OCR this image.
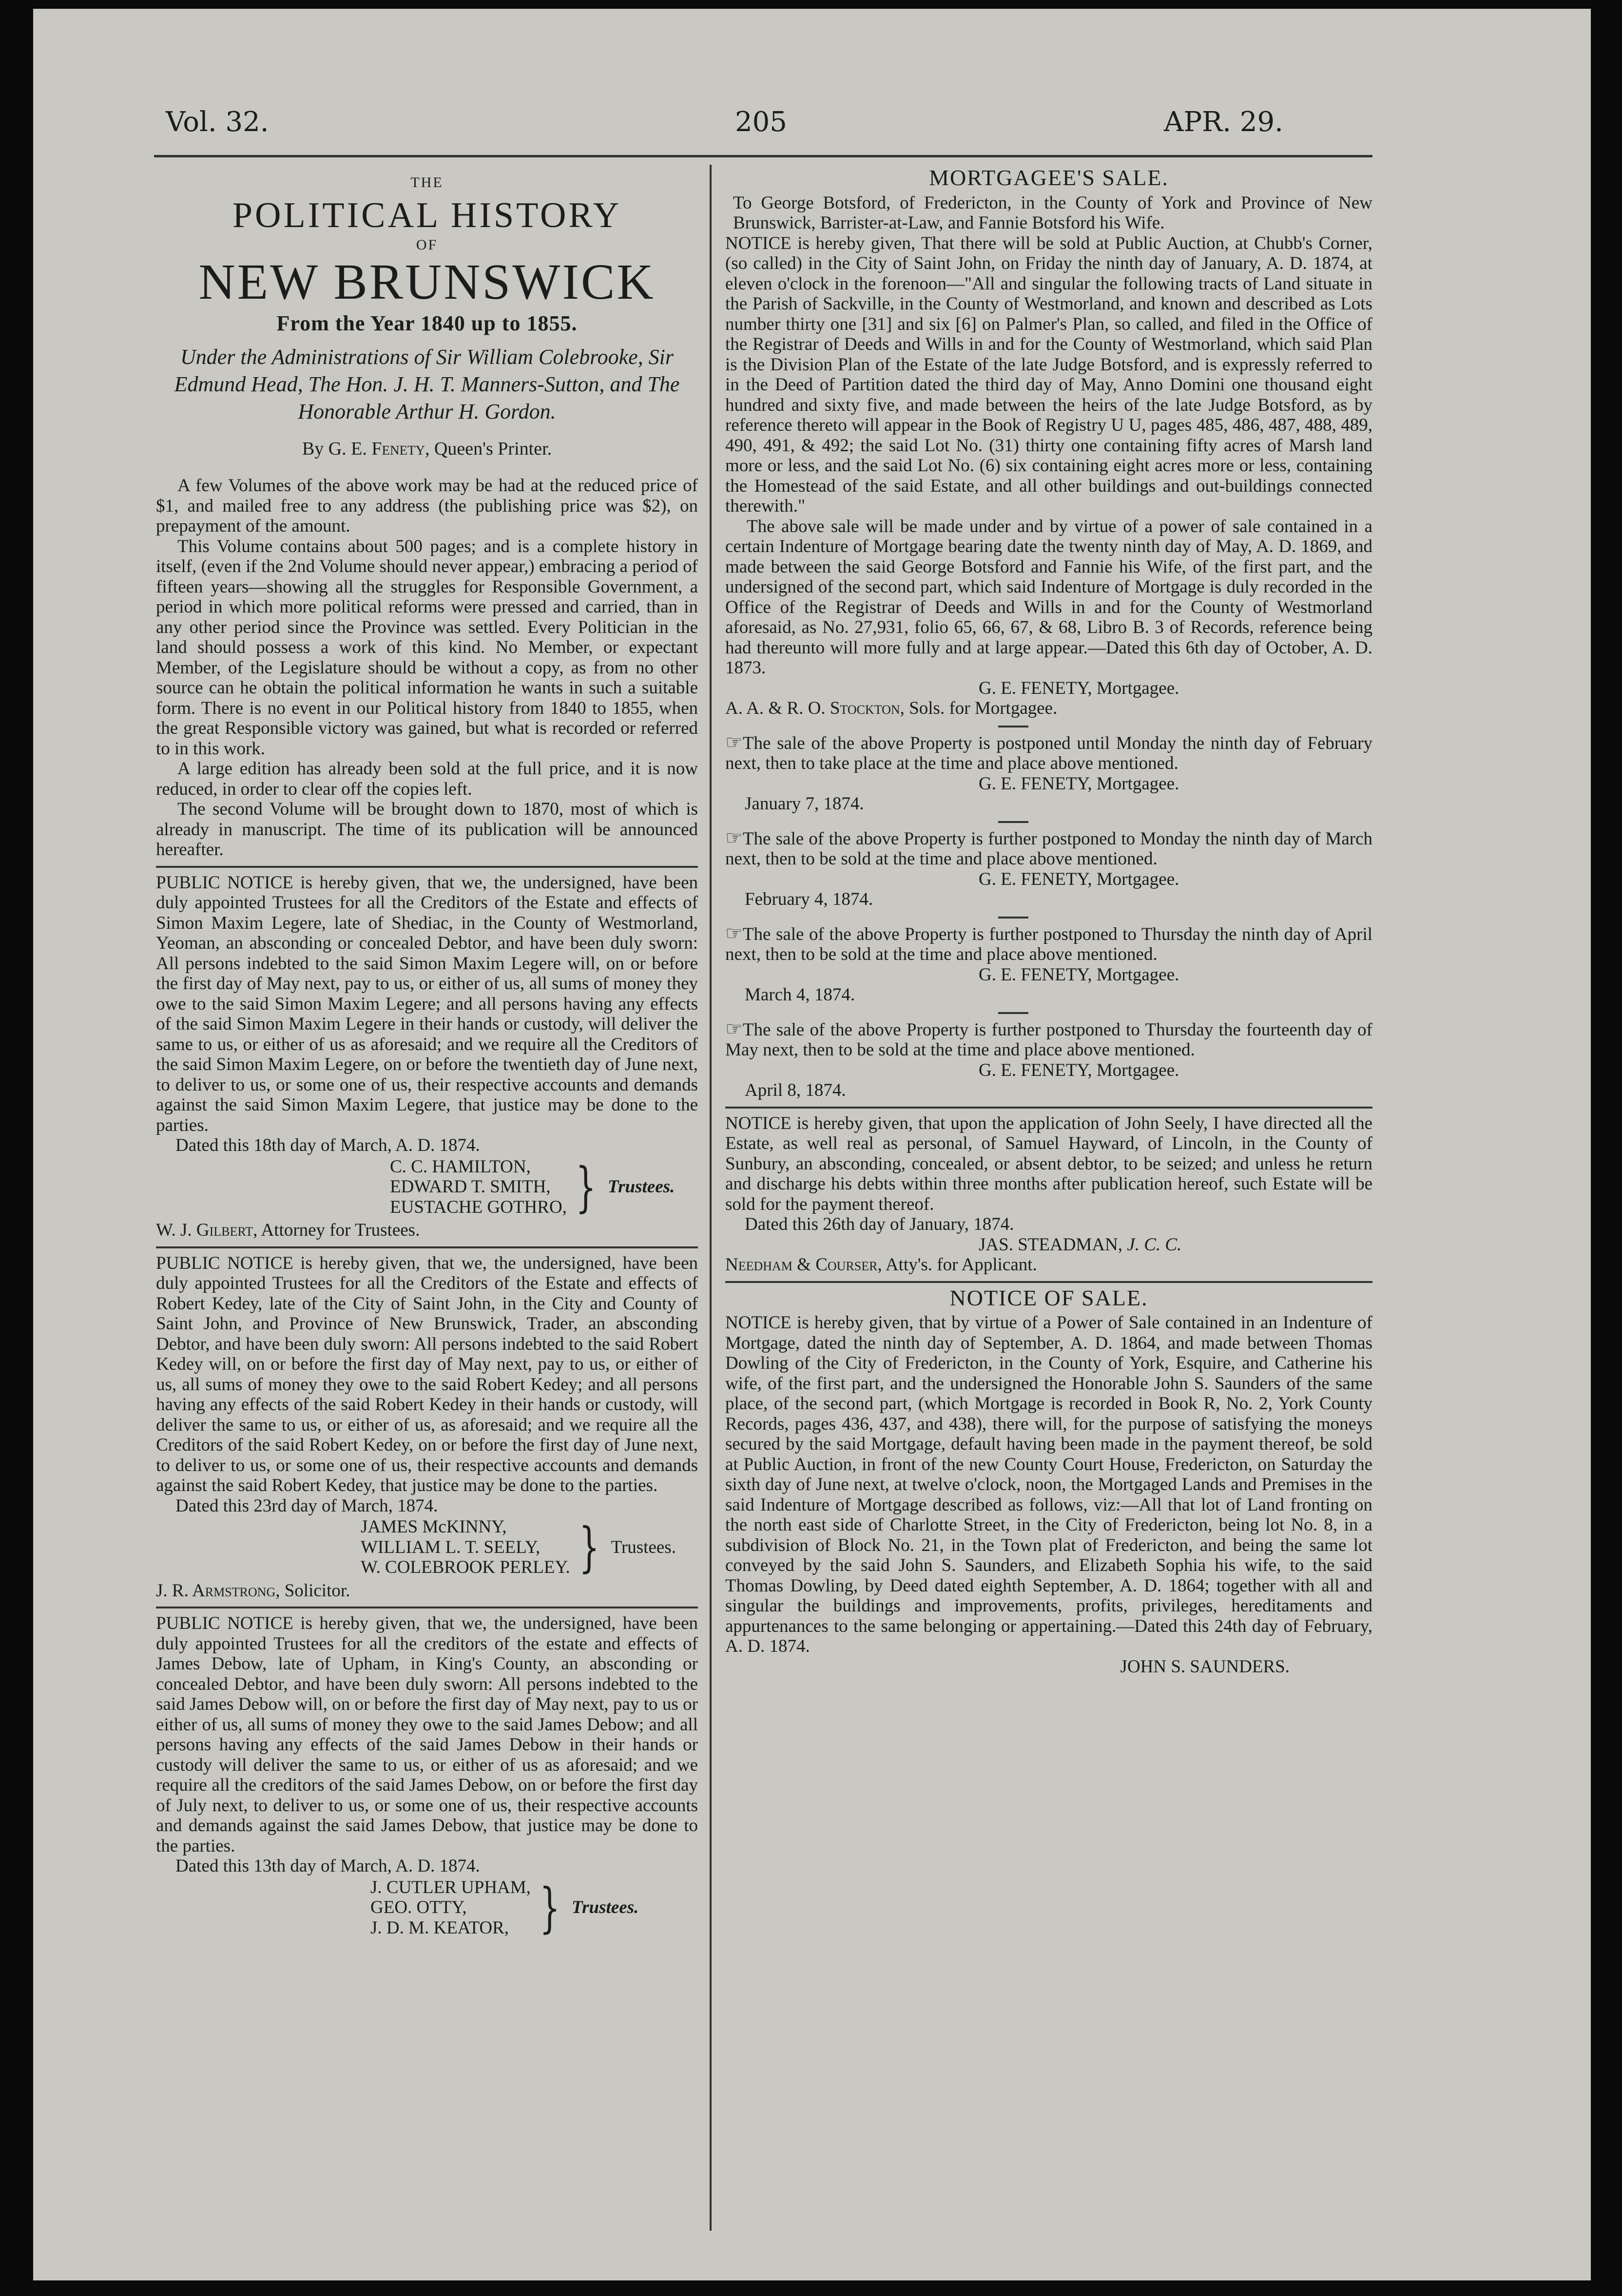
Vol. 32.	205	APR. 29.
THE
POLITICAL HISTORY
OF
NEW BRUNSWICK
From the Year 1840 up to 1855.
Under the Administrations of Sir William Colebrooke, Sir Edmund Head, The Hon. J. H. T. Manners-Sutton, and The Honorable Arthur H. Gordon.
By G. E. Fenety, Queen's Printer.

A few Volumes of the above work may be had at the reduced price of $1, and mailed free to any address (the publishing price was $2), on prepayment of the amount.

This Volume contains about 500 pages; and is a complete history in itself, (even if the 2nd Volume should never appear,) embracing a period of fifteen years—showing all the struggles for Responsible Government, a period in which more political reforms were pressed and carried, than in any other period since the Province was settled. Every Politician in the land should possess a work of this kind. No Member, or expectant Member, of the Legislature should be without a copy, as from no other source can he obtain the political information he wants in such a suitable form. There is no event in our Political history from 1840 to 1855, when the great Responsible victory was gained, but what is recorded or referred to in this work.

A large edition has already been sold at the full price, and it is now reduced, in order to clear off the copies left.

The second Volume will be brought down to 1870, most of which is already in manuscript. The time of its publication will be announced hereafter.

PUBLIC NOTICE is hereby given, that we, the undersigned, have been duly appointed Trustees for all the Creditors of the Estate and effects of Simon Maxim Legere, late of Shediac, in the County of Westmorland, Yeoman, an absconding or concealed Debtor, and have been duly sworn: All persons indebted to the said Simon Maxim Legere will, on or before the first day of May next, pay to us, or either of us, all sums of money they owe to the said Simon Maxim Legere; and all persons having any effects of the said Simon Maxim Legere in their hands or custody, will deliver the same to us, or either of us as aforesaid; and we require all the Creditors of the said Simon Maxim Legere, on or before the twentieth day of June next, to deliver to us, or some one of us, their respective accounts and demands against the said Simon Maxim Legere, that justice may be done to the parties.

Dated this 18th day of March, A. D. 1874.

C. C. HAMILTON,
EDWARD T. SMITH,
EUSTACHE GOTHRO, } Trustees.

W. J. Gilbert, Attorney for Trustees.

PUBLIC NOTICE is hereby given, that we, the undersigned, have been duly appointed Trustees for all the Creditors of the Estate and effects of Robert Kedey, late of the City of Saint John, in the City and County of Saint John, and Province of New Brunswick, Trader, an absconding Debtor, and have been duly sworn: All persons indebted to the said Robert Kedey will, on or before the first day of May next, pay to us, or either of us, all sums of money they owe to the said Robert Kedey; and all persons having any effects of the said Robert Kedey in their hands or custody, will deliver the same to us, or either of us, as aforesaid; and we require all the Creditors of the said Robert Kedey, on or before the first day of June next, to deliver to us, or some one of us, their respective accounts and demands against the said Robert Kedey, that justice may be done to the parties.

Dated this 23rd day of March, 1874.

JAMES McKINNY,
WILLIAM L. T. SEELY,
W. COLEBROOK PERLEY. } Trustees.

J. R. Armstrong, Solicitor.

PUBLIC NOTICE is hereby given, that we, the undersigned, have been duly appointed Trustees for all the creditors of the estate and effects of James Debow, late of Upham, in King's County, an absconding or concealed Debtor, and have been duly sworn: All persons indebted to the said James Debow will, on or before the first day of May next, pay to us or either of us, all sums of money they owe to the said James Debow; and all persons having any effects of the said James Debow in their hands or custody will deliver the same to us, or either of us as aforesaid; and we require all the creditors of the said James Debow, on or before the first day of July next, to deliver to us, or some one of us, their respective accounts and demands against the said James Debow, that justice may be done to the parties.

Dated this 13th day of March, A. D. 1874.

J. CUTLER UPHAM,
GEO. OTTY,
J. D. M. KEATOR, } Trustees.
MORTGAGEE'S SALE.

To George Botsford, of Fredericton, in the County of York and Province of New Brunswick, Barrister-at-Law, and Fannie Botsford his Wife.

NOTICE is hereby given, That there will be sold at Public Auction, at Chubb's Corner, (so called) in the City of Saint John, on Friday the ninth day of January, A. D. 1874, at eleven o'clock in the forenoon—"All and singular the following tracts of Land situate in the Parish of Sackville, in the County of Westmorland, and known and described as Lots number thirty one [31] and six [6] on Palmer's Plan, so called, and filed in the Office of the Registrar of Deeds and Wills in and for the County of Westmorland, which said Plan is the Division Plan of the Estate of the late Judge Botsford, and is expressly referred to in the Deed of Partition dated the third day of May, Anno Domini one thousand eight hundred and sixty five, and made between the heirs of the late Judge Botsford, as by reference thereto will appear in the Book of Registry U U, pages 485, 486, 487, 488, 489, 490, 491, & 492; the said Lot No. (31) thirty one containing fifty acres of Marsh land more or less, and the said Lot No. (6) six containing eight acres more or less, containing the Homestead of the said Estate, and all other buildings and out-buildings connected therewith."

The above sale will be made under and by virtue of a power of sale contained in a certain Indenture of Mortgage bearing date the twenty ninth day of May, A. D. 1869, and made between the said George Botsford and Fannie his Wife, of the first part, and the undersigned of the second part, which said Indenture of Mortgage is duly recorded in the Office of the Registrar of Deeds and Wills in and for the County of Westmorland aforesaid, as No. 27,931, folio 65, 66, 67, & 68, Libro B. 3 of Records, reference being had thereunto will more fully and at large appear.—Dated this 6th day of October, A. D. 1873.

G. E. FENETY, Mortgagee.

A. A. & R. O. Stockton, Sols. for Mortgagee.

☞The sale of the above Property is postponed until Monday the ninth day of February next, then to take place at the time and place above mentioned.

G. E. FENETY, Mortgagee.

January 7, 1874.

☞The sale of the above Property is further postponed to Monday the ninth day of March next, then to be sold at the time and place above mentioned.

G. E. FENETY, Mortgagee.

February 4, 1874.

☞The sale of the above Property is further postponed to Thursday the ninth day of April next, then to be sold at the time and place above mentioned.

G. E. FENETY, Mortgagee.

March 4, 1874.

☞The sale of the above Property is further postponed to Thursday the fourteenth day of May next, then to be sold at the time and place above mentioned.

G. E. FENETY, Mortgagee.

April 8, 1874.

NOTICE is hereby given, that upon the application of John Seely, I have directed all the Estate, as well real as personal, of Samuel Hayward, of Lincoln, in the County of Sunbury, an absconding, concealed, or absent debtor, to be seized; and unless he return and discharge his debts within three months after publication hereof, such Estate will be sold for the payment thereof.

Dated this 26th day of January, 1874.

JAS. STEADMAN, J. C. C.

Needham & Courser, Atty's. for Applicant.

NOTICE OF SALE.

NOTICE is hereby given, that by virtue of a Power of Sale contained in an Indenture of Mortgage, dated the ninth day of September, A. D. 1864, and made between Thomas Dowling of the City of Fredericton, in the County of York, Esquire, and Catherine his wife, of the first part, and the undersigned the Honorable John S. Saunders of the same place, of the second part, (which Mortgage is recorded in Book R, No. 2, York County Records, pages 436, 437, and 438), there will, for the purpose of satisfying the moneys secured by the said Mortgage, default having been made in the payment thereof, be sold at Public Auction, in front of the new County Court House, Fredericton, on Saturday the sixth day of June next, at twelve o'clock, noon, the Mortgaged Lands and Premises in the said Indenture of Mortgage described as follows, viz:—All that lot of Land fronting on the north east side of Charlotte Street, in the City of Fredericton, being lot No. 8, in a subdivision of Block No. 21, in the Town plat of Fredericton, and being the same lot conveyed by the said John S. Saunders, and Elizabeth Sophia his wife, to the said Thomas Dowling, by Deed dated eighth September, A. D. 1864; together with all and singular the buildings and improvements, profits, privileges, hereditaments and appurtenances to the same belonging or appertaining.—Dated this 24th day of February, A. D. 1874.

JOHN S. SAUNDERS.
